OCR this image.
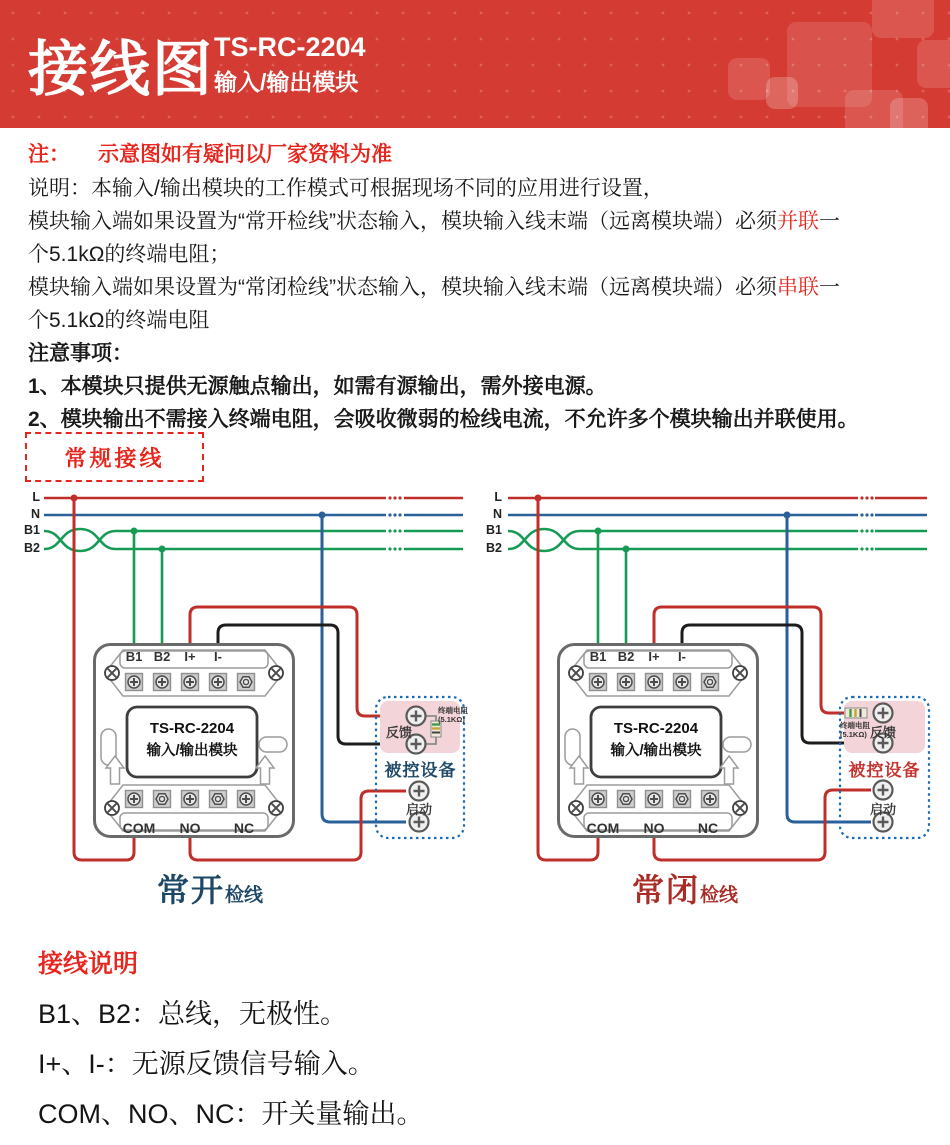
接线图 TS-RC-2204
输入/输出模块
注： 示意图如有疑问以厂家资料为准
说明：本输入/输出模块的工作模式可根据现场不同的应用进行设置，
模块输入端如果设置为“常开检线”状态输入，模块输入线末端（远离模块端）必须并联一
个5.1kΩ的终端电阻；
模块输入端如果设置为“常闭检线”状态输入，模块输入线末端（远离模块端）必须串联一
个5.1kΩ的终端电阻
注意事项：
1、本模块只提供无源触点输出，如需有源输出，需外接电源。
2、模块输出不需接入终端电阻，会吸收微弱的检线电流，不允许多个模块输出并联使用。
常规接线
L
N
B1
B2
L
N
B1
B2
B1 B2 I+ I-
COM NO NC
B1 B2 I+ I-
COM NO NC
TS-RC-2204
输入/输出模块
TS-RC-2204
输入/输出模块
反馈
终端电阻
(5.1KΩ)
被控设备
启动
终端电阻
(5.1KΩ) 反馈
被控设备
启动
常开 检线	常闭 检线
接线说明
B1、B2：总线，无极性。
I+、I-：无源反馈信号输入。
COM、NO、NC：开关量输出。
